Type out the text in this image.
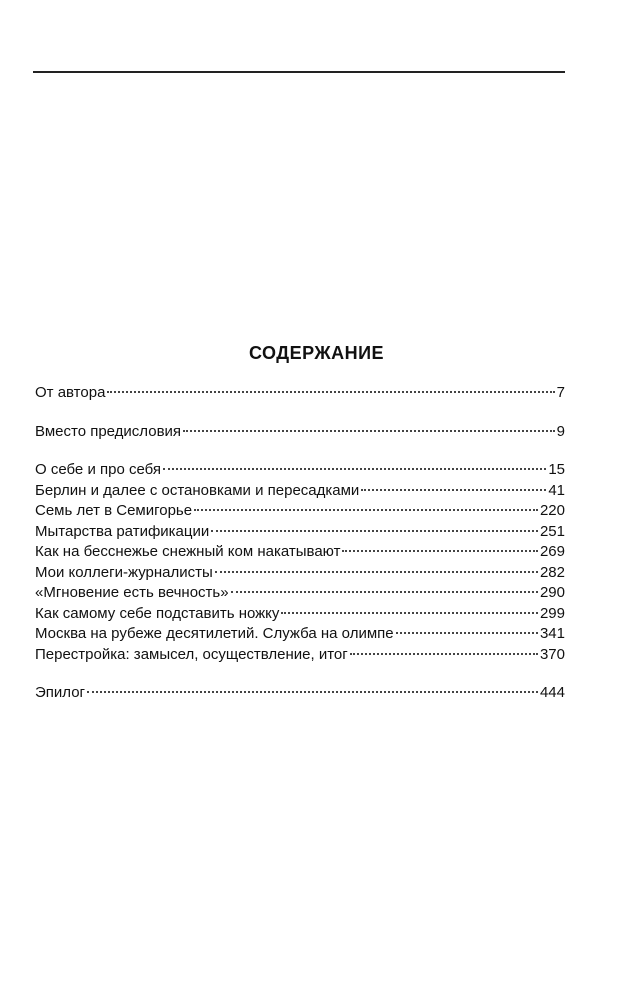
СОДЕРЖАНИЕ
От автора	7
Вместо предисловия	9
О себе и про себя	15
Берлин и далее с остановками и пересадками	41
Семь лет в Семигорье	220
Мытарства ратификации	251
Как на бесснежье снежный ком накатывают	269
Мои коллеги-журналисты	282
«Мгновение есть вечность»	290
Как самому себе подставить ножку	299
Москва на рубеже десятилетий. Служба на олимпе	341
Перестройка: замысел, осуществление, итог	370
Эпилог	444
